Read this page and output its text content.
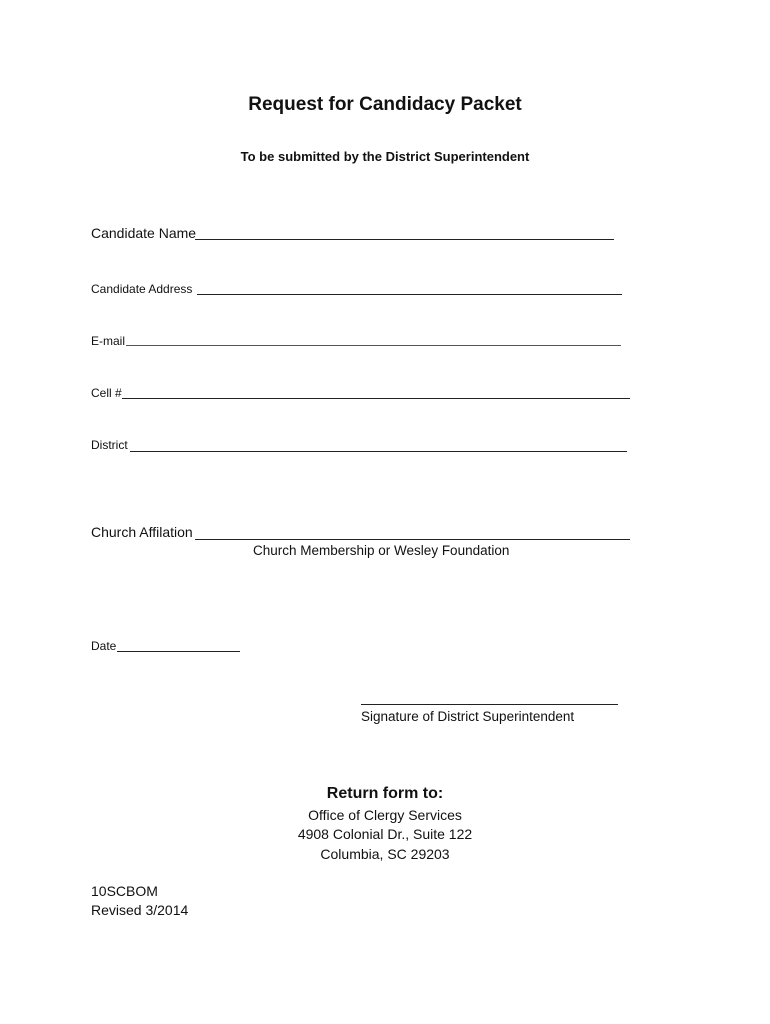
Request for Candidacy Packet
To be submitted by the District Superintendent
Candidate Name
Candidate Address
E-mail
Cell #
District
Church Affilation
Church Membership or Wesley Foundation
Date
Signature of District Superintendent
Return form to:
Office of Clergy Services
4908 Colonial Dr., Suite 122
Columbia, SC 29203
10SCBOM
Revised 3/2014
